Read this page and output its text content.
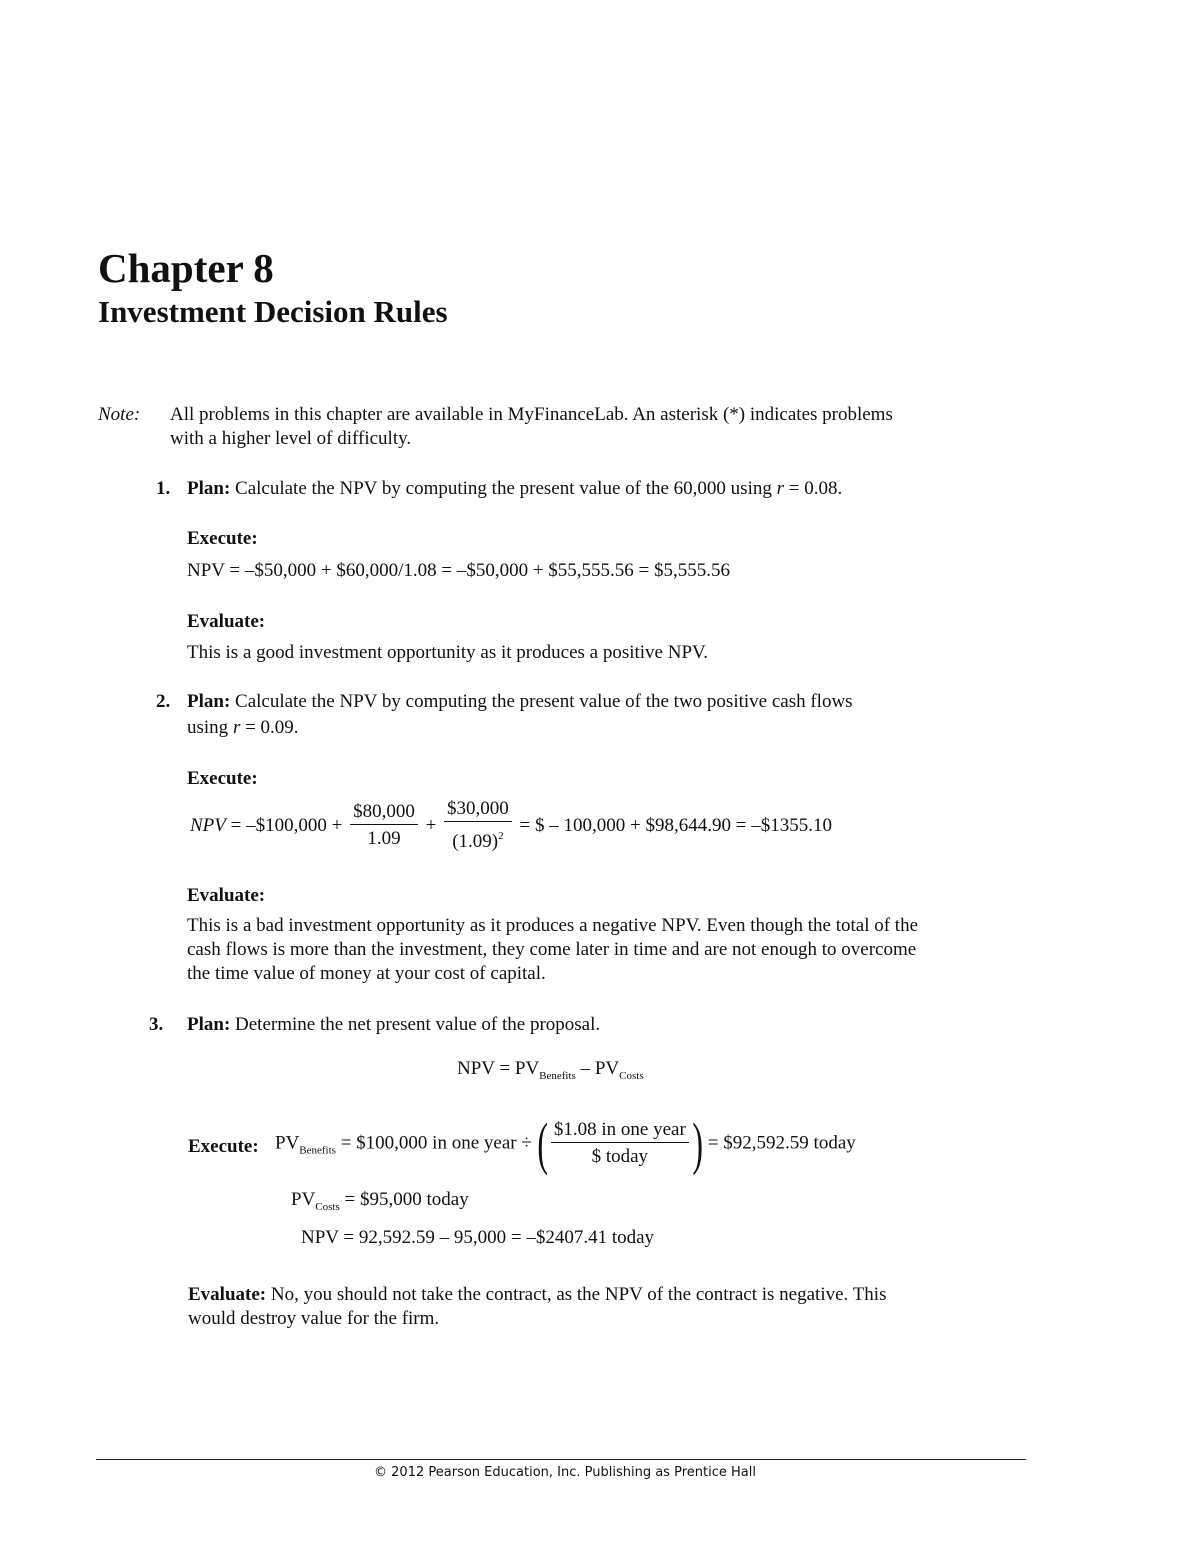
Chapter 8
Investment Decision Rules
Note: All problems in this chapter are available in MyFinanceLab. An asterisk (*) indicates problems
with a higher level of difficulty.
1. Plan: Calculate the NPV by computing the present value of the 60,000 using r = 0.08.
Execute:
NPV = –$50,000 + $60,000/1.08 = –$50,000 + $55,555.56 = $5,555.56
Evaluate:
This is a good investment opportunity as it produces a positive NPV.
2. Plan: Calculate the NPV by computing the present value of the two positive cash flows
using r = 0.09.
Execute:
NPV = –$100,000 + $\frac{\$80,000}{1.09} + \frac{\$30,000}{(1.09)^2}$ = $ – 100,000 + $98,644.90 = –$1355.10
Evaluate:
This is a bad investment opportunity as it produces a negative NPV. Even though the total of the
cash flows is more than the investment, they come later in time and are not enough to overcome
the time value of money at your cost of capital.
3. Plan: Determine the net present value of the proposal.
NPV = $PV_{Benefits} - PV_{Costs}$
Execute: $PV_{Benefits}$ = $100,000 in one year ÷ ( $\frac{\text{\$1.08 in one year}}{\text{\$ today}}$ ) = $92,592.59 today
$PV_{Costs}$ = $95,000 today
NPV = 92,592.59 – 95,000 = –$2407.41 today
Evaluate: No, you should not take the contract, as the NPV of the contract is negative. This
would destroy value for the firm.
© 2012 Pearson Education, Inc. Publishing as Prentice Hall
